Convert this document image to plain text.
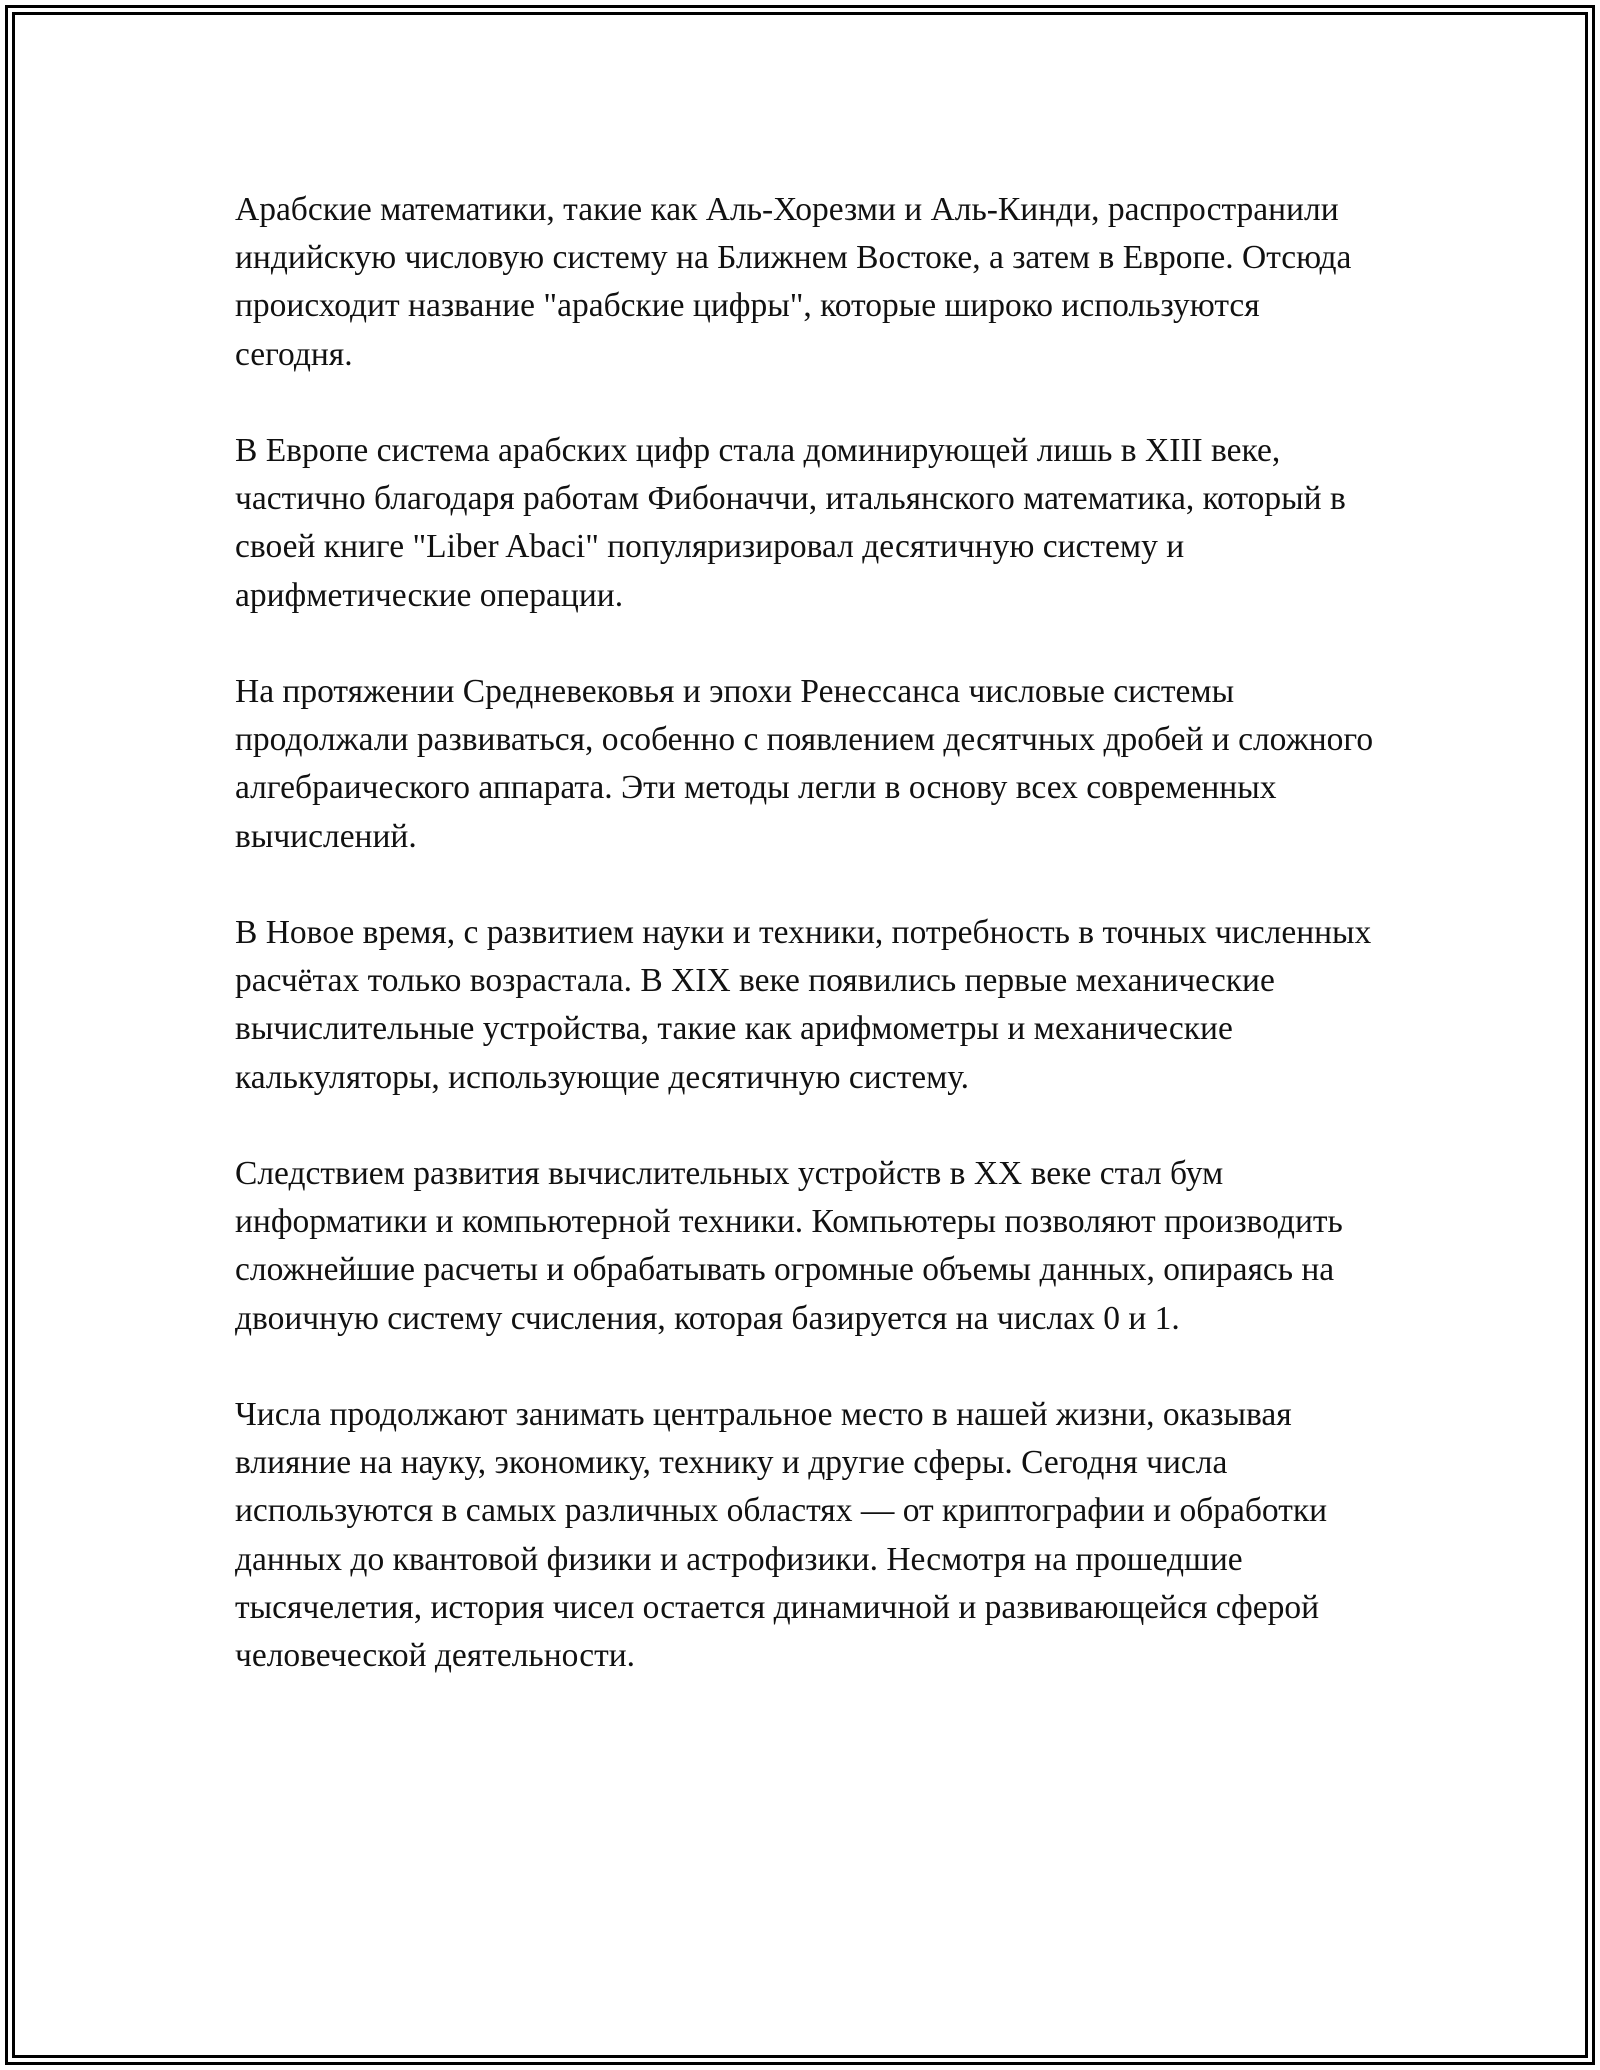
Арабские математики, такие как Аль-Хорезми и Аль-Кинди, распространили индийскую числовую систему на Ближнем Востоке, а затем в Европе. Отсюда происходит название "арабские цифры", которые широко используются сегодня.

В Европе система арабских цифр стала доминирующей лишь в XIII веке, частично благодаря работам Фибоначчи, итальянского математика, который в своей книге "Liber Abaci" популяризировал десятичную систему и арифметические операции.

На протяжении Средневековья и эпохи Ренессанса числовые системы продолжали развиваться, особенно с появлением десятчных дробей и сложного алгебраического аппарата. Эти методы легли в основу всех современных вычислений.

В Новое время, с развитием науки и техники, потребность в точных численных расчётах только возрастала. В XIX веке появились первые механические вычислительные устройства, такие как арифмометры и механические калькуляторы, использующие десятичную систему.

Следствием развития вычислительных устройств в XX веке стал бум информатики и компьютерной техники. Компьютеры позволяют производить сложнейшие расчеты и обрабатывать огромные объемы данных, опираясь на двоичную систему счисления, которая базируется на числах 0 и 1.

Числа продолжают занимать центральное место в нашей жизни, оказывая влияние на науку, экономику, технику и другие сферы. Сегодня числа используются в самых различных областях — от криптографии и обработки данных до квантовой физики и астрофизики. Несмотря на прошедшие тысячелетия, история чисел остается динамичной и развивающейся сферой человеческой деятельности.
